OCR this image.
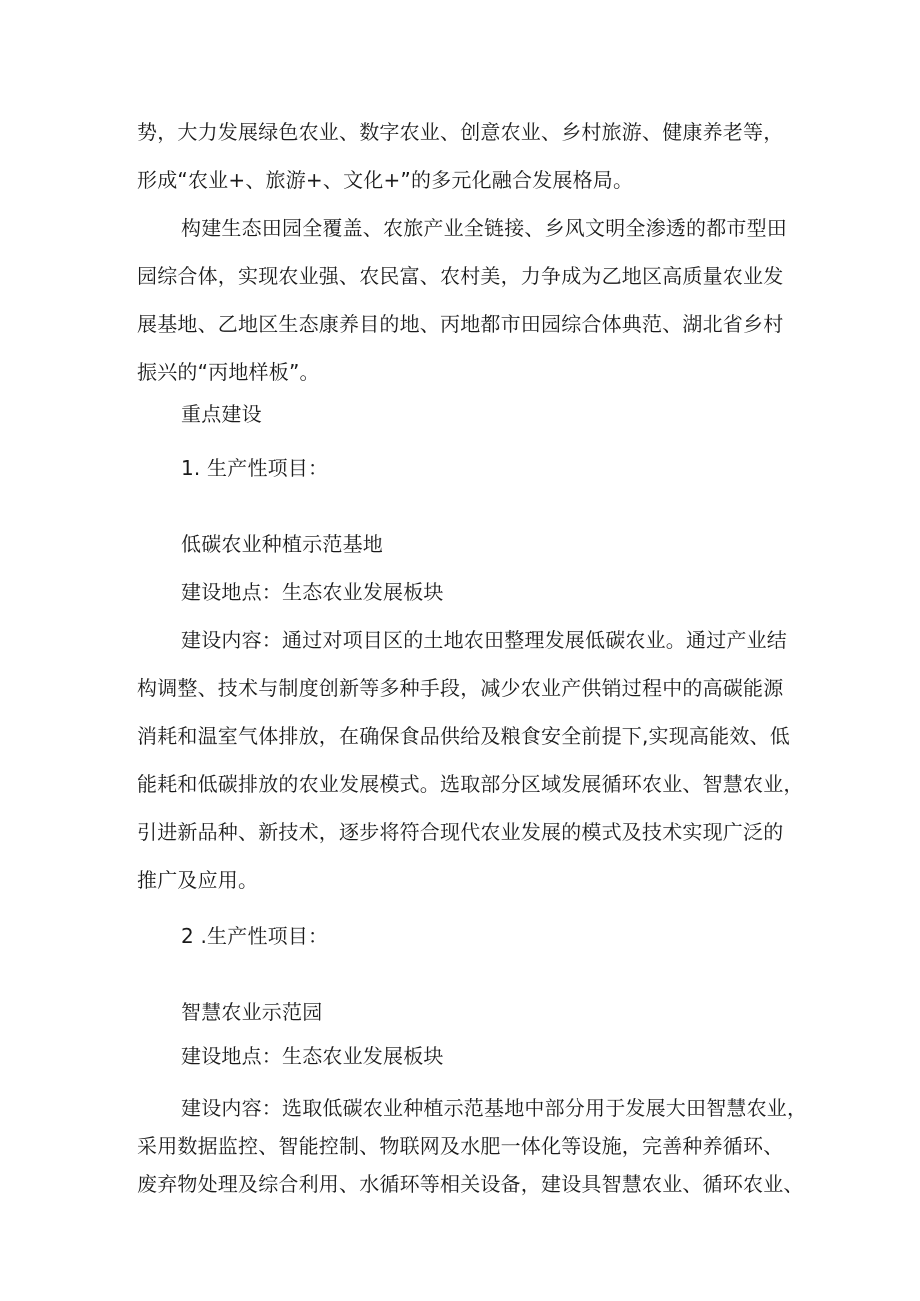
势，大力发展绿色农业、数字农业、创意农业、乡村旅游、健康养老等，
形成“农业+、旅游+、文化+”的多元化融合发展格局。
构建生态田园全覆盖、农旅产业全链接、乡风文明全渗透的都市型田
园综合体，实现农业强、农民富、农村美，力争成为乙地区高质量农业发
展基地、乙地区生态康养目的地、丙地都市田园综合体典范、湖北省乡村
振兴的“丙地样板”。
重点建设
1. 生产性项目：
低碳农业种植示范基地
建设地点：生态农业发展板块
建设内容：通过对项目区的土地农田整理发展低碳农业。通过产业结
构调整、技术与制度创新等多种手段，减少农业产供销过程中的高碳能源
消耗和温室气体排放，在确保食品供给及粮食安全前提下,实现高能效、低
能耗和低碳排放的农业发展模式。选取部分区域发展循环农业、智慧农业，
引进新品种、新技术，逐步将符合现代农业发展的模式及技术实现广泛的
推广及应用。
2 .生产性项目：
智慧农业示范园
建设地点：生态农业发展板块
建设内容：选取低碳农业种植示范基地中部分用于发展大田智慧农业，
采用数据监控、智能控制、物联网及水肥一体化等设施，完善种养循环、
废弃物处理及综合利用、水循环等相关设备，建设具智慧农业、循环农业、
